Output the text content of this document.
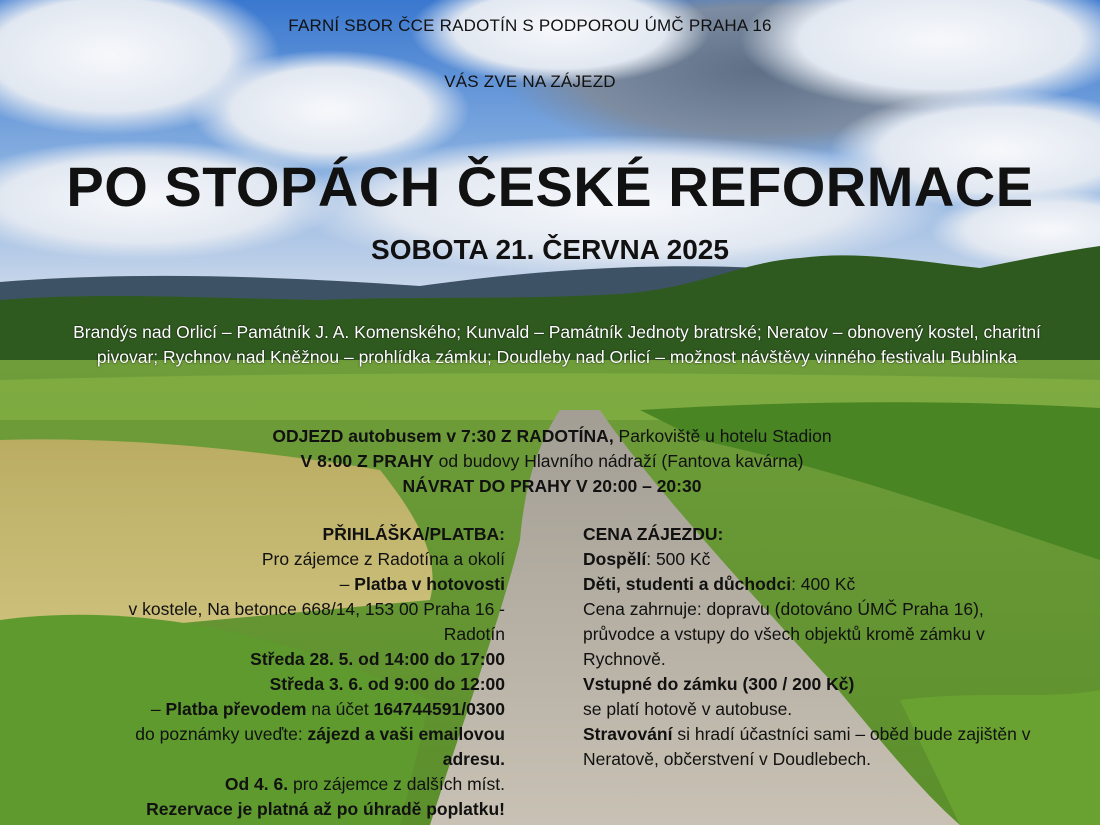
FARNÍ SBOR ČCE RADOTÍN S PODPOROU ÚMČ PRAHA 16
VÁS ZVE NA ZÁJEZD
PO STOPÁCH ČESKÉ REFORMACE
SOBOTA 21. ČERVNA 2025
Brandýs nad Orlicí – Památník J. A. Komenského; Kunvald – Památník Jednoty bratrské; Neratov – obnovený kostel, charitní
pivovar; Rychnov nad Kněžnou – prohlídka zámku; Doudleby nad Orlicí – možnost návštěvy vinného festivalu Bublinka
ODJEZD autobusem v 7:30 Z RADOTÍNA, Parkoviště u hotelu Stadion
V 8:00 Z PRAHY od budovy Hlavního nádraží (Fantova kavárna)
NÁVRAT DO PRAHY V 20:00 – 20:30

PŘIHLÁŠKA/PLATBA:

Pro zájemce z Radotína a okolí

– Platba v hotovosti

v kostele, Na betonce 668/14, 153 00 Praha 16 -

Radotín

Středa 28. 5. od 14:00 do 17:00

Středa 3. 6. od 9:00 do 12:00

– Platba převodem na účet 164744591/0300

do poznámky uveďte: zájezd a vaši emailovou

adresu.

Od 4. 6. pro zájemce z dalších míst.

Rezervace je platná až po úhradě poplatku!

CENA ZÁJEZDU:

Dospělí: 500 Kč

Děti, studenti a důchodci: 400 Kč

Cena zahrnuje: dopravu (dotováno ÚMČ Praha 16),

průvodce a vstupy do všech objektů kromě zámku v

Rychnově.

Vstupné do zámku (300 / 200 Kč)

se platí hotově v autobuse.

Stravování si hradí účastníci sami – oběd bude zajištěn v

Neratově, občerstvení v Doudlebech.
